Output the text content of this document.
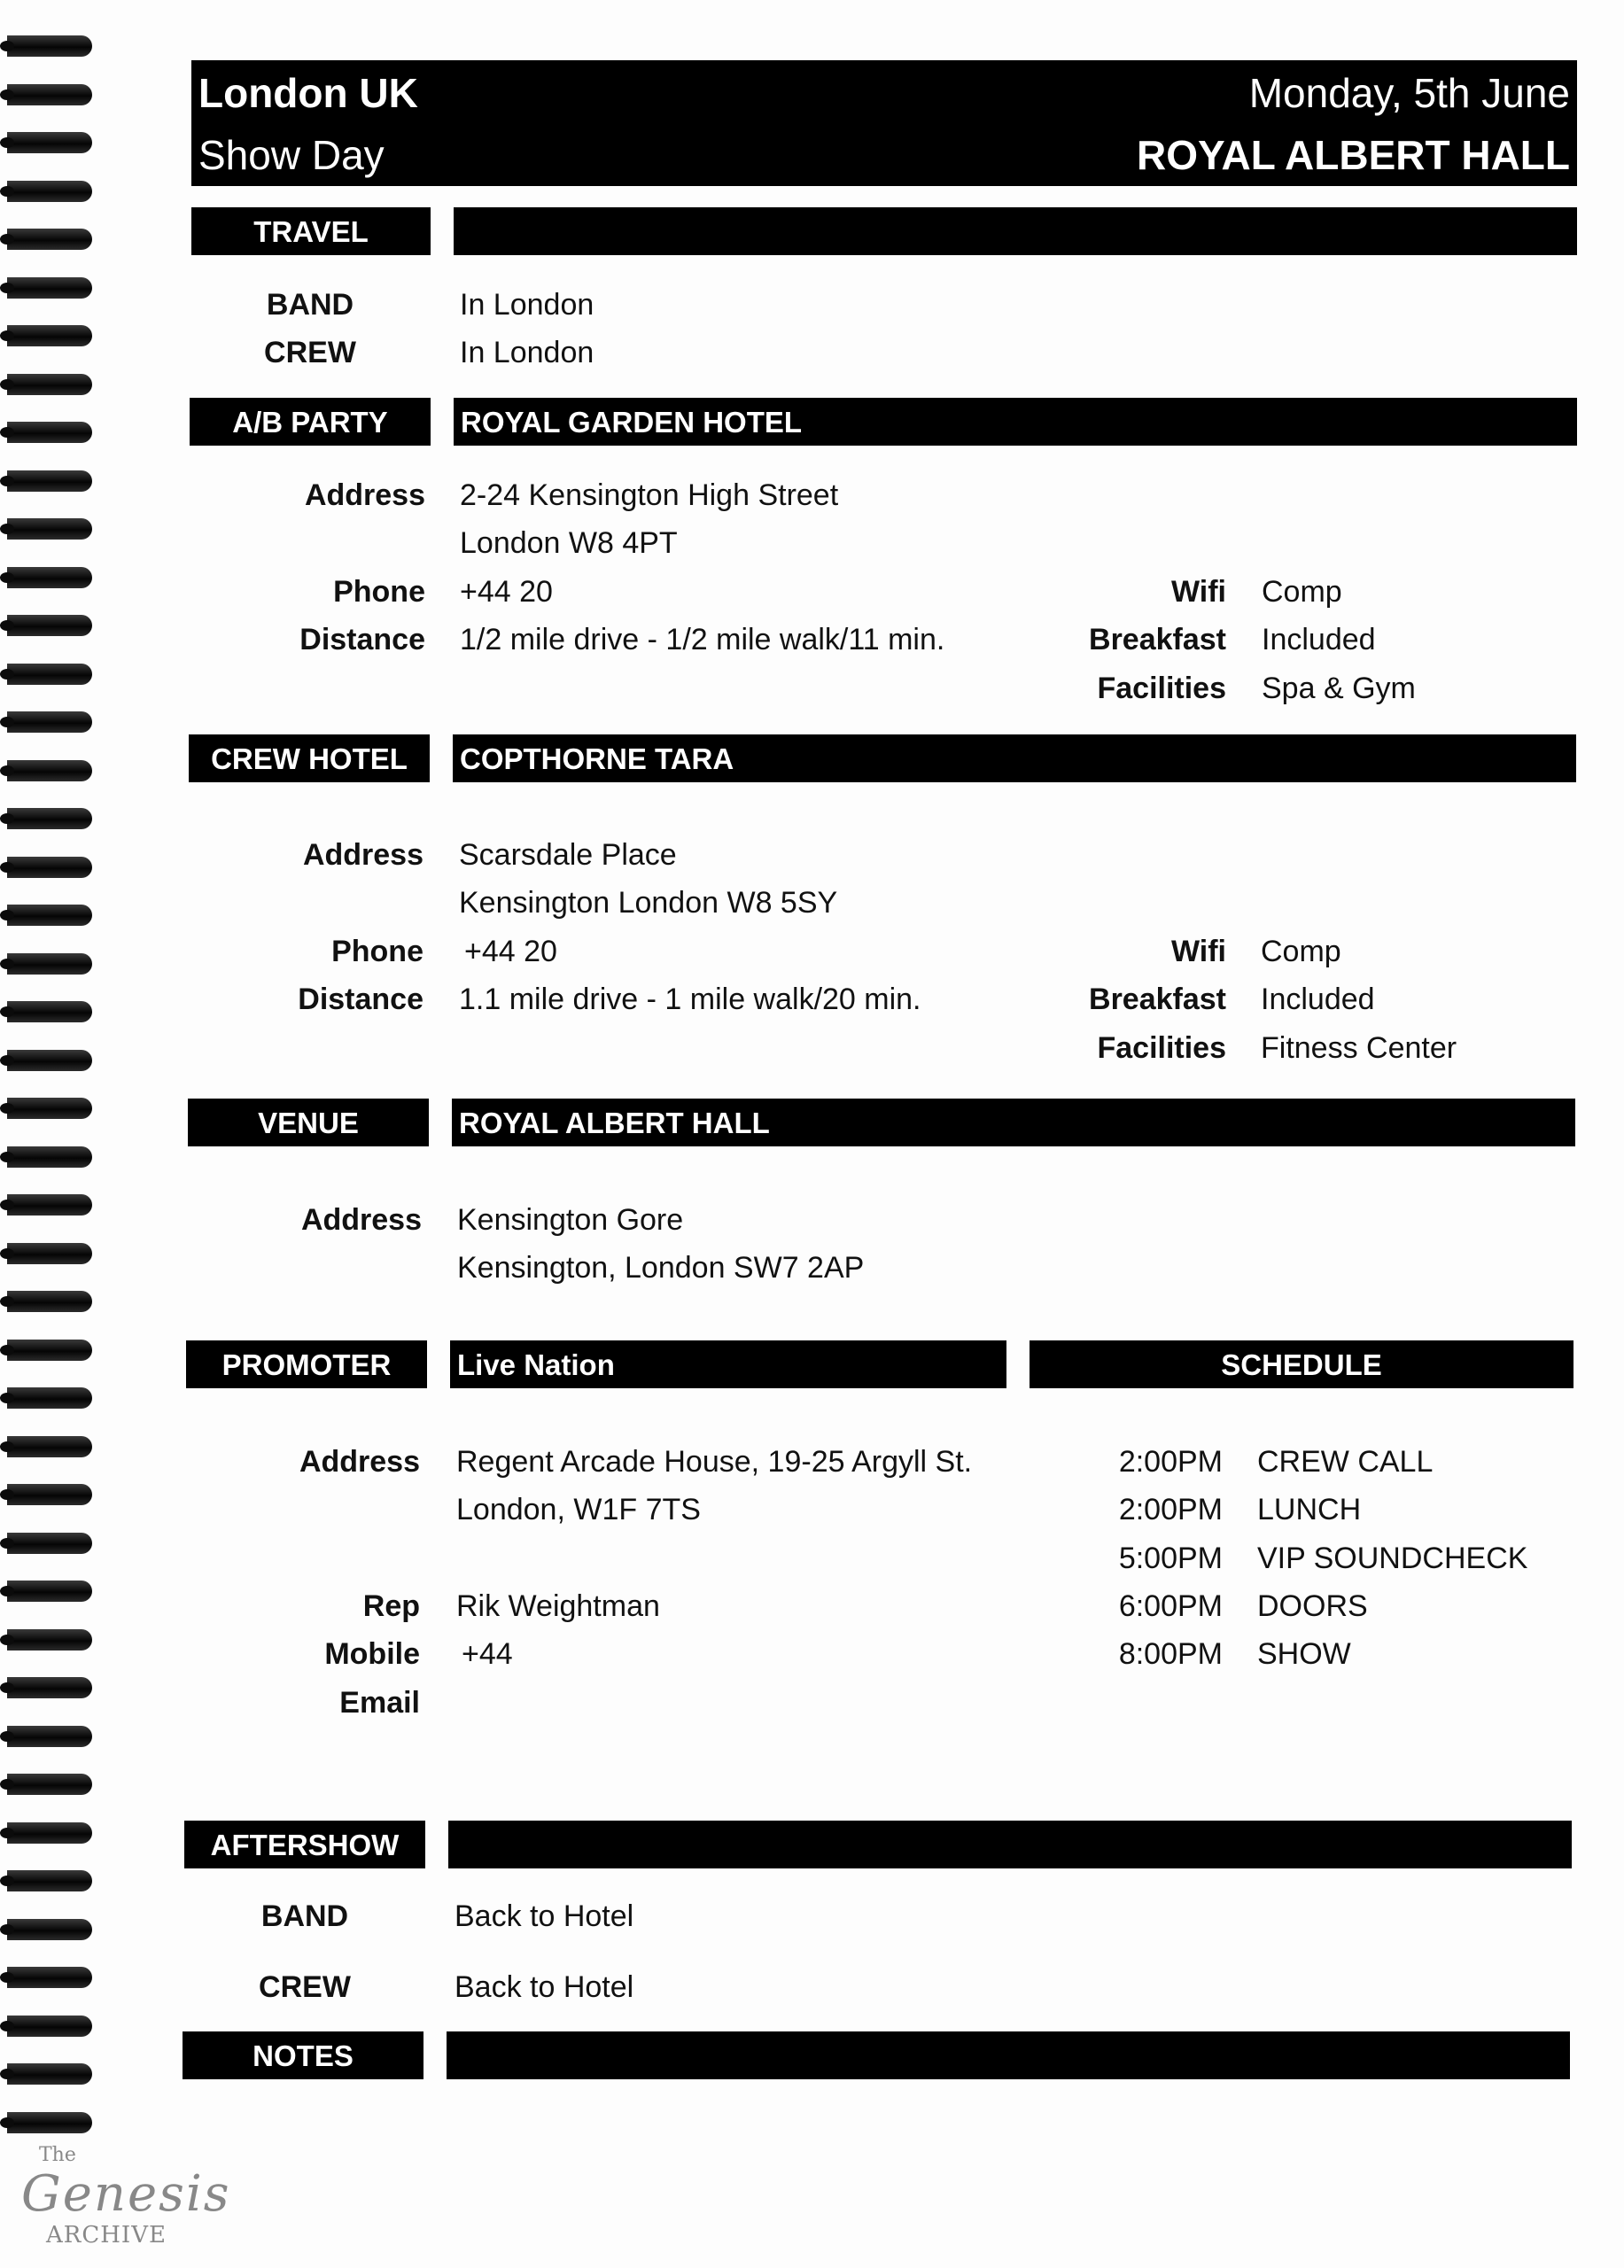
London UK
Show Day
Monday, 5th June
ROYAL ALBERT HALL
TRAVEL
BAND	In London
CREW	In London
A/B PARTY	ROYAL GARDEN HOTEL
Address 2-24 Kensington High Street
London W8 4PT
Phone +44 20
Distance 1/2 mile drive - 1/2 mile walk/11 min.
Wifi Comp
Breakfast Included
Facilities Spa & Gym
CREW HOTEL	COPTHORNE TARA
Address Scarsdale Place
Kensington London W8 5SY
Phone +44 20
Distance 1.1 mile drive - 1 mile walk/20 min.
Wifi Comp
Breakfast Included
Facilities Fitness Center
VENUE	ROYAL ALBERT HALL
Address Kensington Gore
Kensington, London SW7 2AP
PROMOTER	Live Nation
Address Regent Arcade House, 19-25 Argyll St.
London, W1F 7TS
Rep Rik Weightman
Mobile +44
Email
SCHEDULE
2:00PM CREW CALL
2:00PM LUNCH
5:00PM VIP SOUNDCHECK
6:00PM DOORS
8:00PM SHOW
AFTERSHOW
BAND	Back to Hotel
CREW	Back to Hotel
NOTES
The
Genesis
ARCHIVE
